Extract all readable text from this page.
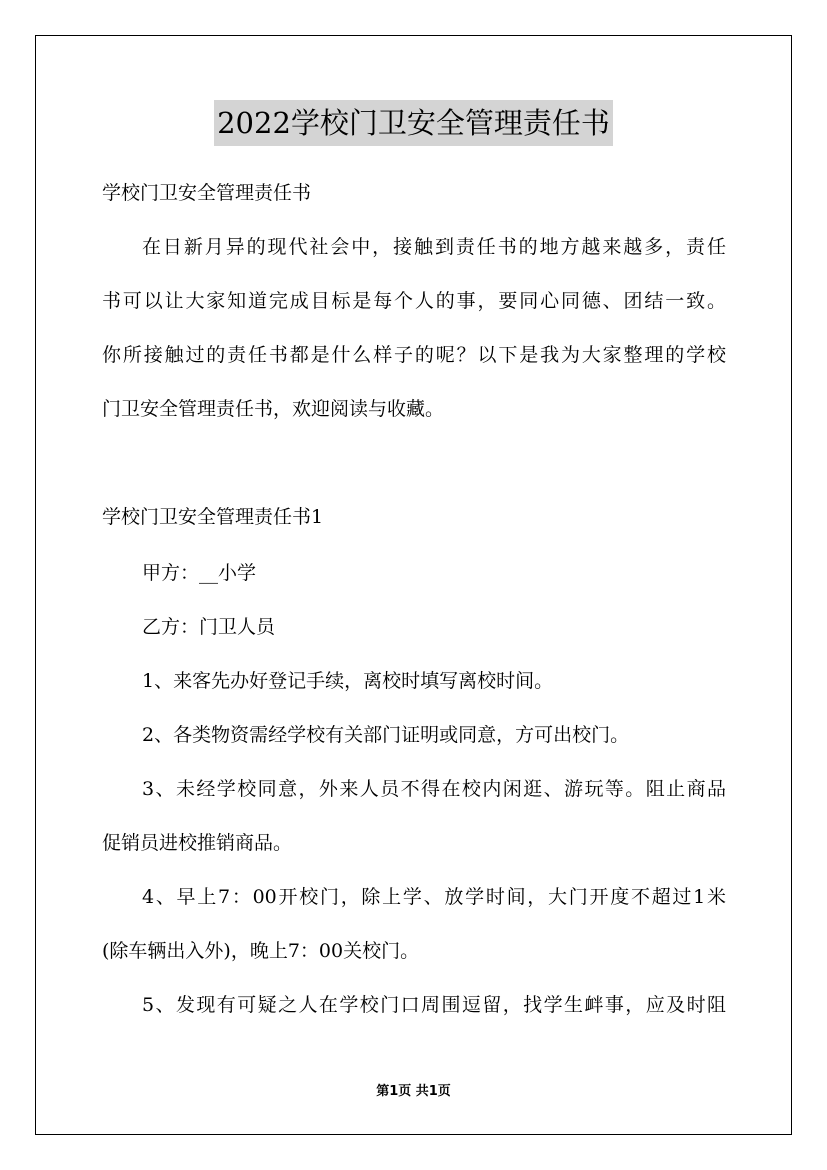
2022学校门卫安全管理责任书

学校门卫安全管理责任书

在日新月异的现代社会中，接触到责任书的地方越来越多，责任

书可以让大家知道完成目标是每个人的事，要同心同德、团结一致。

你所接触过的责任书都是什么样子的呢？以下是我为大家整理的学校

门卫安全管理责任书，欢迎阅读与收藏。

学校门卫安全管理责任书1

甲方：__小学

乙方：门卫人员

1、来客先办好登记手续，离校时填写离校时间。

2、各类物资需经学校有关部门证明或同意，方可出校门。

3、未经学校同意，外来人员不得在校内闲逛、游玩等。阻止商品

促销员进校推销商品。

4、早上7：00开校门，除上学、放学时间，大门开度不超过1米

(除车辆出入外)，晚上7：00关校门。

5、发现有可疑之人在学校门口周围逗留，找学生衅事，应及时阻

第1页 共1页
